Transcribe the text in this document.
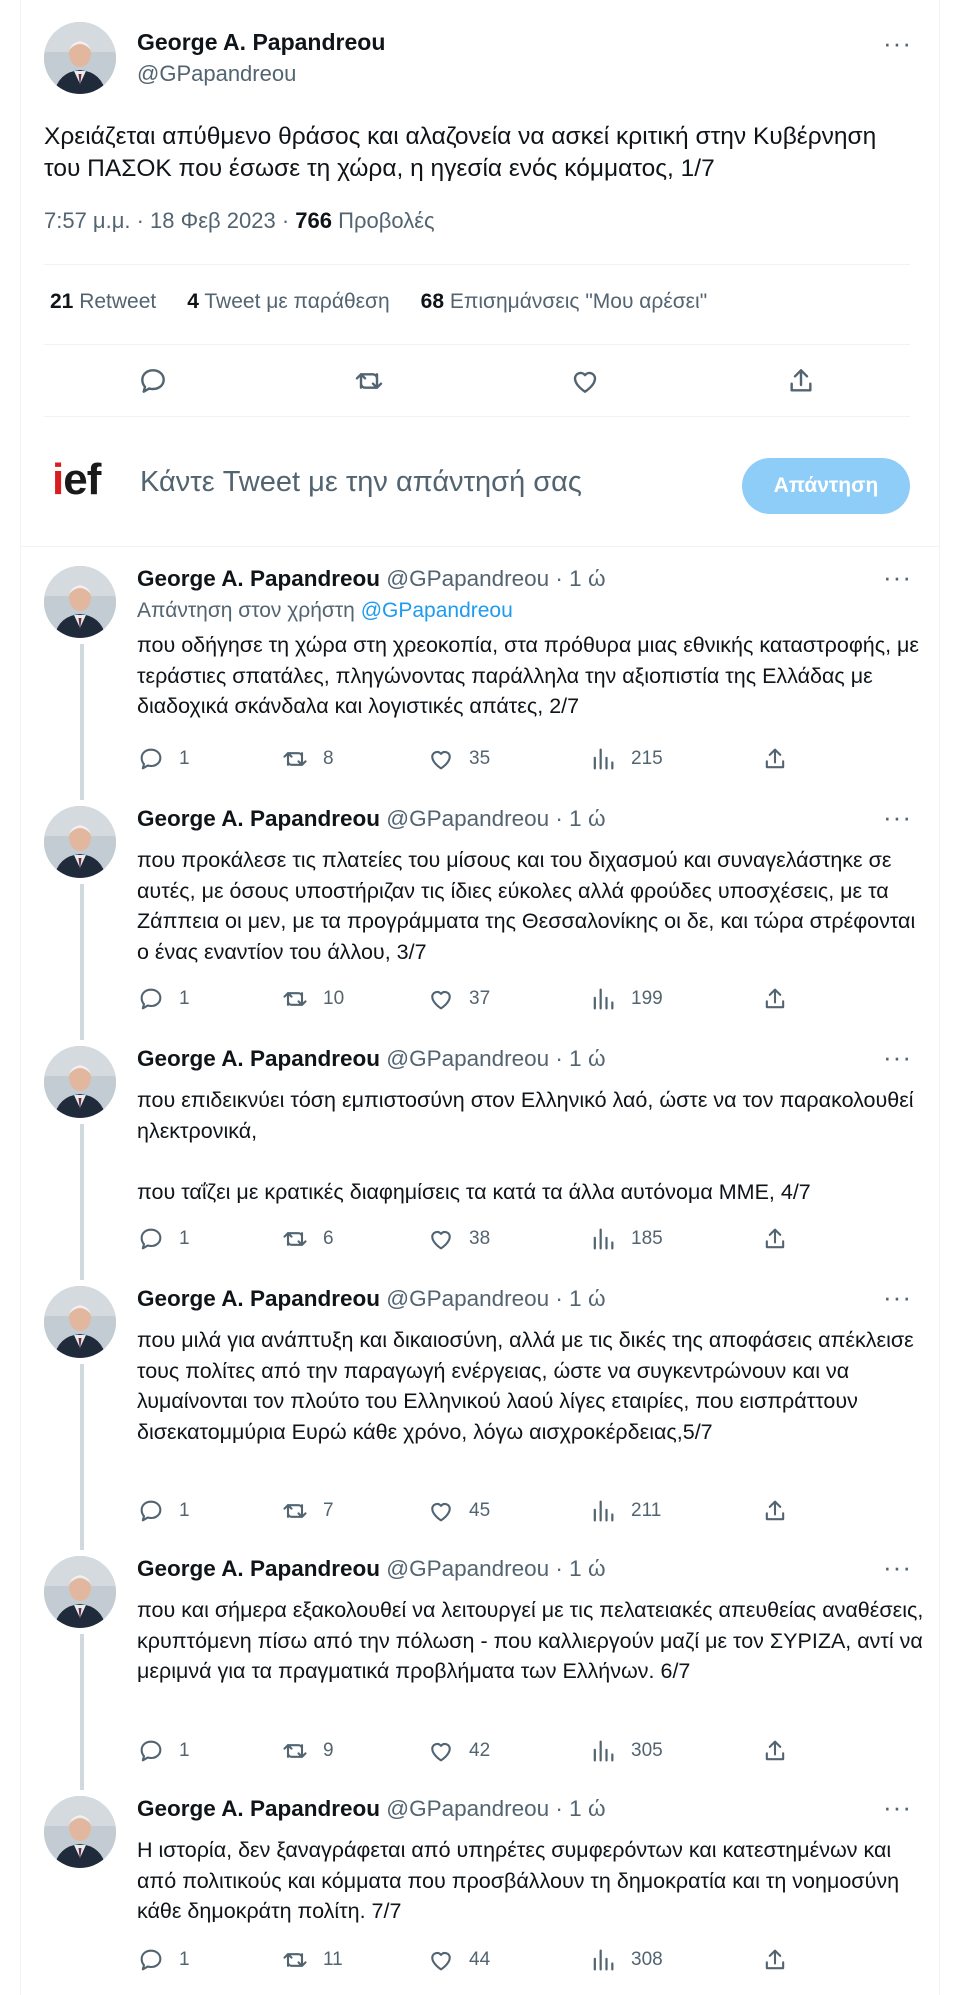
George A. Papandreou
@GPapandreou
···
Χρειάζεται απύθμενο θράσος και αλαζονεία να ασκεί κριτική στην Κυβέρνηση του ΠΑΣΟΚ που έσωσε τη χώρα, η ηγεσία ενός κόμματος, 1/7
7:57 μ.μ. · 18 Φεβ 2023 · 766 Προβολές
21 Retweet 4 Tweet με παράθεση 68 Επισημάνσεις "Μου αρέσει"
ief Κάντε Tweet με την απάντησή σας	Απάντηση
George A. Papandreou @GPapandreou · 1 ώ	···
Απάντηση στον χρήστη @GPapandreou
που οδήγησε τη χώρα στη χρεοκοπία, στα πρόθυρα μιας εθνικής καταστροφής, με τεράστιες σπατάλες, πληγώνοντας παράλληλα την αξιοπιστία της Ελλάδας με διαδοχικά σκάνδαλα και λογιστικές απάτες, 2/7
1	8	35	215
George A. Papandreou @GPapandreou · 1 ώ	···
που προκάλεσε τις πλατείες του μίσους και του διχασμού και συναγελάστηκε σε αυτές, με όσους υποστήριζαν τις ίδιες εύκολες αλλά φρούδες υποσχέσεις, με τα Ζάππεια οι μεν, με τα προγράμματα της Θεσσαλονίκης οι δε, και τώρα στρέφονται ο ένας εναντίον του άλλου, 3/7
1	10	37	199
George A. Papandreou @GPapandreou · 1 ώ	···
που επιδεικνύει τόση εμπιστοσύνη στον Ελληνικό λαό, ώστε να τον παρακολουθεί ηλεκτρονικά,

που ταΐζει με κρατικές διαφημίσεις τα κατά τα άλλα αυτόνομα ΜΜΕ, 4/7
1	6	38	185
George A. Papandreou @GPapandreou · 1 ώ	···
που μιλά για ανάπτυξη και δικαιοσύνη, αλλά με τις δικές της αποφάσεις απέκλεισε τους πολίτες από την παραγωγή ενέργειας, ώστε να συγκεντρώνουν και να λυμαίνονται τον πλούτο του Ελληνικού λαού λίγες εταιρίες, που εισπράττουν δισεκατομμύρια Ευρώ κάθε χρόνο, λόγω αισχροκέρδειας,5/7
1	7	45	211
George A. Papandreou @GPapandreou · 1 ώ	···
που και σήμερα εξακολουθεί να λειτουργεί με τις πελατειακές απευθείας αναθέσεις, κρυπτόμενη πίσω από την πόλωση - που καλλιεργούν μαζί με τον ΣΥΡΙΖΑ, αντί να μεριμνά για τα πραγματικά προβλήματα των Ελλήνων. 6/7
1	9	42	305
George A. Papandreou @GPapandreou · 1 ώ	···
Η ιστορία, δεν ξαναγράφεται από υπηρέτες συμφερόντων και κατεστημένων και από πολιτικούς και κόμματα που προσβάλλουν τη δημοκρατία και τη νοημοσύνη κάθε δημοκράτη πολίτη. 7/7
1	11	44	308
